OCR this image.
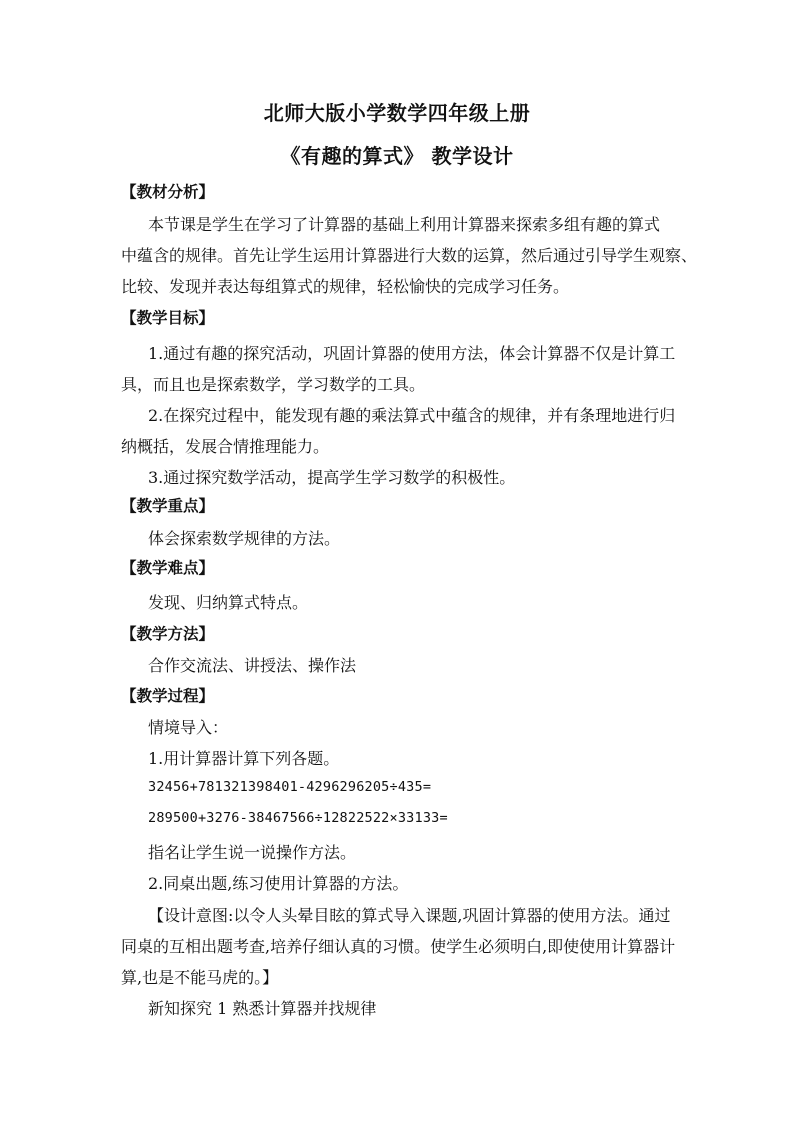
北师大版小学数学四年级上册
《有趣的算式》 教学设计
【教材分析】
本节课是学生在学习了计算器的基础上利用计算器来探索多组有趣的算式
中蕴含的规律。首先让学生运用计算器进行大数的运算，然后通过引导学生观察、
比较、发现并表达每组算式的规律，轻松愉快的完成学习任务。
【教学目标】
1.通过有趣的探究活动，巩固计算器的使用方法，体会计算器不仅是计算工
具，而且也是探索数学，学习数学的工具。
2.在探究过程中，能发现有趣的乘法算式中蕴含的规律，并有条理地进行归
纳概括，发展合情推理能力。
3.通过探究数学活动，提高学生学习数学的积极性。
【教学重点】
体会探索数学规律的方法。
【教学难点】
发现、归纳算式特点。
【教学方法】
合作交流法、讲授法、操作法
【教学过程】
情境导入：
1.用计算器计算下列各题。
32456+781321398401-4296296205÷435=
289500+3276-38467566÷12822522×33133=
指名让学生说一说操作方法。
2.同桌出题,练习使用计算器的方法。
【设计意图:以令人头晕目眩的算式导入课题,巩固计算器的使用方法。通过
同桌的互相出题考查,培养仔细认真的习惯。使学生必须明白,即使使用计算器计
算,也是不能马虎的。】
新知探究 1 熟悉计算器并找规律
